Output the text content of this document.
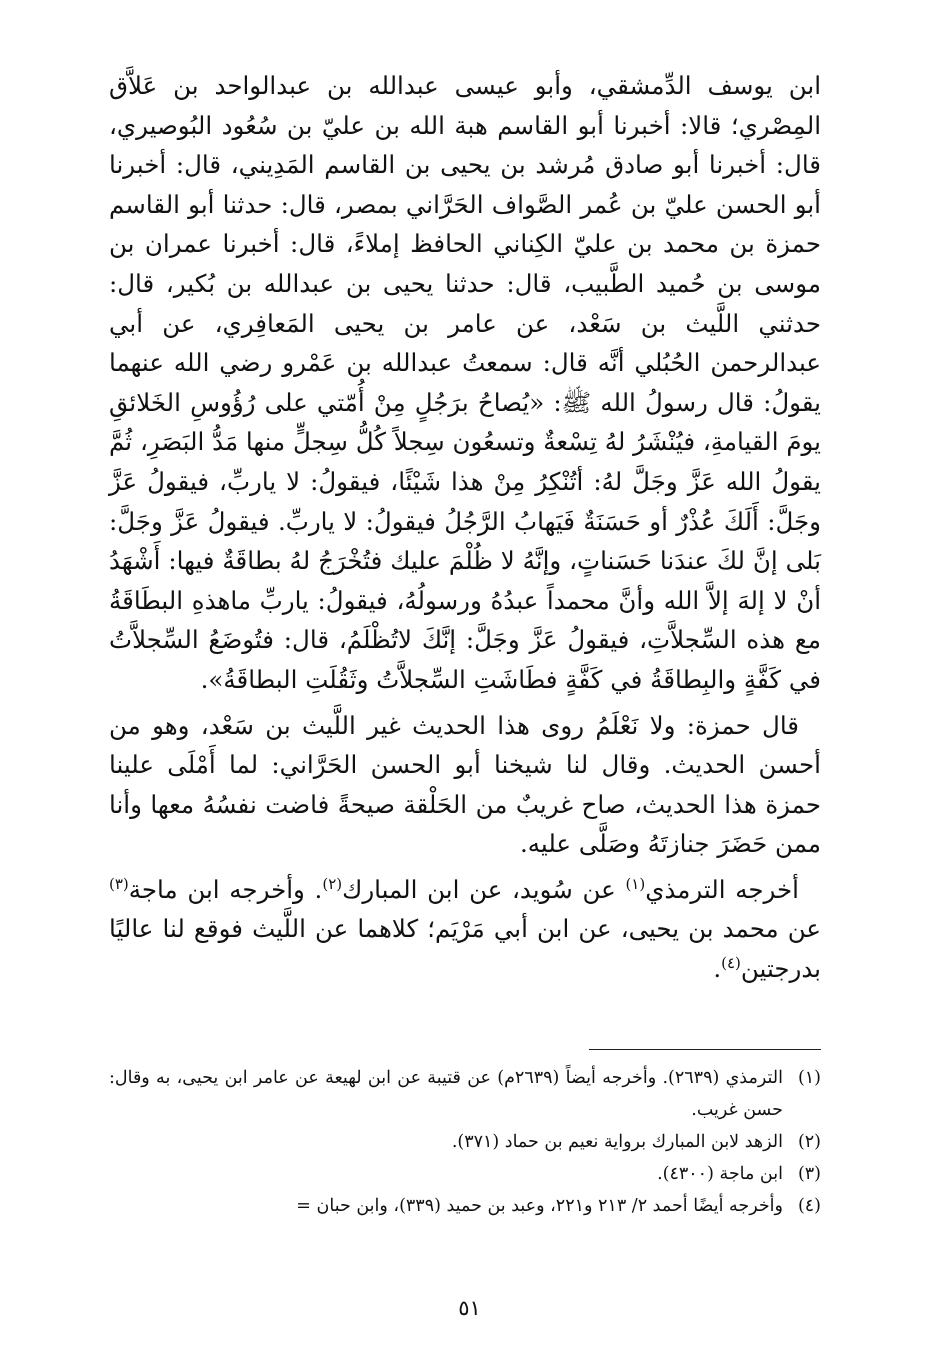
ابن يوسف الدِّمشقي، وأبو عيسى عبدالله بن عبدالواحد بن عَلاَّق المِصْري؛ قالا: أخبرنا أبو القاسم هبة الله بن عليّ بن سُعُود البُوصيري، قال: أخبرنا أبو صادق مُرشد بن يحيى بن القاسم المَدِيني، قال: أخبرنا أبو الحسن عليّ بن عُمر الصَّواف الحَرَّاني بمصر، قال: حدثنا أبو القاسم حمزة بن محمد بن عليّ الكِناني الحافظ إملاءً، قال: أخبرنا عمران بن موسى بن حُميد الطَّبيب، قال: حدثنا يحيى بن عبدالله بن بُكير، قال: حدثني اللَّيث بن سَعْد، عن عامر بن يحيى المَعافِري، عن أبي عبدالرحمن الحُبُلي أنَّه قال: سمعتُ عبدالله بن عَمْرو رضي الله عنهما يقولُ: قال رسولُ الله ﷺ: «يُصاحُ برَجُلٍ مِنْ أُمّتي على رُؤُوسِ الخَلائقِ يومَ القيامةِ، فيُنْشَرُ لهُ تِسْعةٌ وتسعُون سِجلاً كُلُّ سِجلٍّ منها مَدُّ البَصَرِ، ثُمَّ يقولُ الله عَزَّ وجَلَّ لهُ: أتُنْكِرُ مِنْ هذا شَيْئًا، فيقولُ: لا ياربِّ، فيقولُ عَزَّ وجَلَّ: أَلَكَ عُذْرٌ أو حَسَنَةٌ فَيَهابُ الرَّجُلُ فيقولُ: لا ياربِّ. فيقولُ عَزَّ وجَلَّ: بَلى إنَّ لكَ عندَنا حَسَناتٍ، وإنَّهُ لا ظُلْمَ عليك فتُخْرَجُ لهُ بطاقَةٌ فيها: أَشْهَدُ أنْ لا إلهَ إلاَّ الله وأنَّ محمداً عبدُهُ ورسولُهُ، فيقولُ: ياربِّ ماهذهِ البطَاقَةُ مع هذه السِّجلاَّتِ، فيقولُ عَزَّ وجَلَّ: إنَّكَ لاتُظْلَمُ، قال: فتُوضَعُ السِّجلاَّتُ في كَفَّةٍ والبِطاقَةُ في كَفَّةٍ فطَاشَتِ السِّجلاَّتُ وثَقُلَتِ البطاقَةُ».

قال حمزة: ولا نَعْلَمُ روى هذا الحديث غير اللَّيث بن سَعْد، وهو من أحسن الحديث. وقال لنا شيخنا أبو الحسن الحَرَّاني: لما أَمْلَى علينا حمزة هذا الحديث، صاح غريبٌ من الحَلْقة صيحةً فاضت نفسُهُ معها وأنا ممن حَضَرَ جنازتَهُ وصَلَّى عليه.

أخرجه الترمذي$^{(١)}$ عن سُويد، عن ابن المبارك$^{(٢)}$. وأخرجه ابن ماجة$^{(٣)}$ عن محمد بن يحيى، عن ابن أبي مَرْيَم؛ كلاهما عن اللَّيث فوقع لنا عاليًا بدرجتين$^{(٤)}$.

(١)
الترمذي (٢٦٣٩). وأخرجه أيضاً (٢٦٣٩م) عن قتيبة عن ابن لهيعة عن عامر ابن يحيى، به وقال: حسن غريب.
(٢)
الزهد لابن المبارك برواية نعيم بن حماد (٣٧١).
(٣)
ابن ماجة (٤٣٠٠).
(٤)
وأخرجه أيضًا أحمد ٢/ ٢١٣ و٢٢١، وعبد بن حميد (٣٣٩)، وابن حبان =
٥١
